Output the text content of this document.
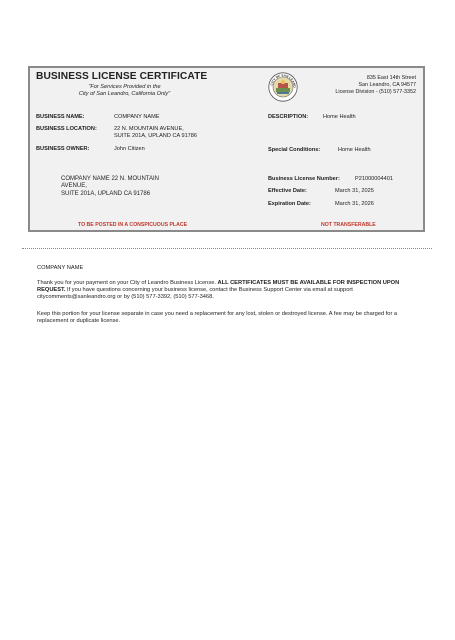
BUSINESS LICENSE CERTIFICATE
"For Services Provided in the
City of San Leandro, California Only"
CITY OF SAN LEAND
835 East 14th Street
San Leandro, CA 94577
License Division - (510) 577-3352
BUSINESS NAME:	COMPANY NAME
BUSINESS LOCATION:	22 N. MOUNTAIN AVENUE,
SUITE 201A, UPLAND CA 91786
BUSINESS OWNER:	John Citizen
DESCRIPTION:	Home Health
Special Conditions:	Home Health
COMPANY NAME 22 N. MOUNTAIN
AVENUE,
SUITE 201A, UPLAND CA 91786
Business License Number:	P21000004401
Effective Date:	March 31, 2025
Expiration Date:	March 31, 2026
TO BE POSTED IN A CONSPICUOUS PLACE	NOT TRANSFERABLE
COMPANY NAME
Thank you for your payment on your City of Leandro Business License. ALL CERTIFICATES MUST BE AVAILABLE FOR INSPECTION UPON REQUEST. If you have questions concerning your business license, contact the Business Support Center via email at support citycomments@sanleandro.org or by (510) 577-3392, (510) 577-3468.
Keep this portion for your license separate in case you need a replacement for any lost, stolen or destroyed license. A fee may be charged for a replacement or duplicate license.
